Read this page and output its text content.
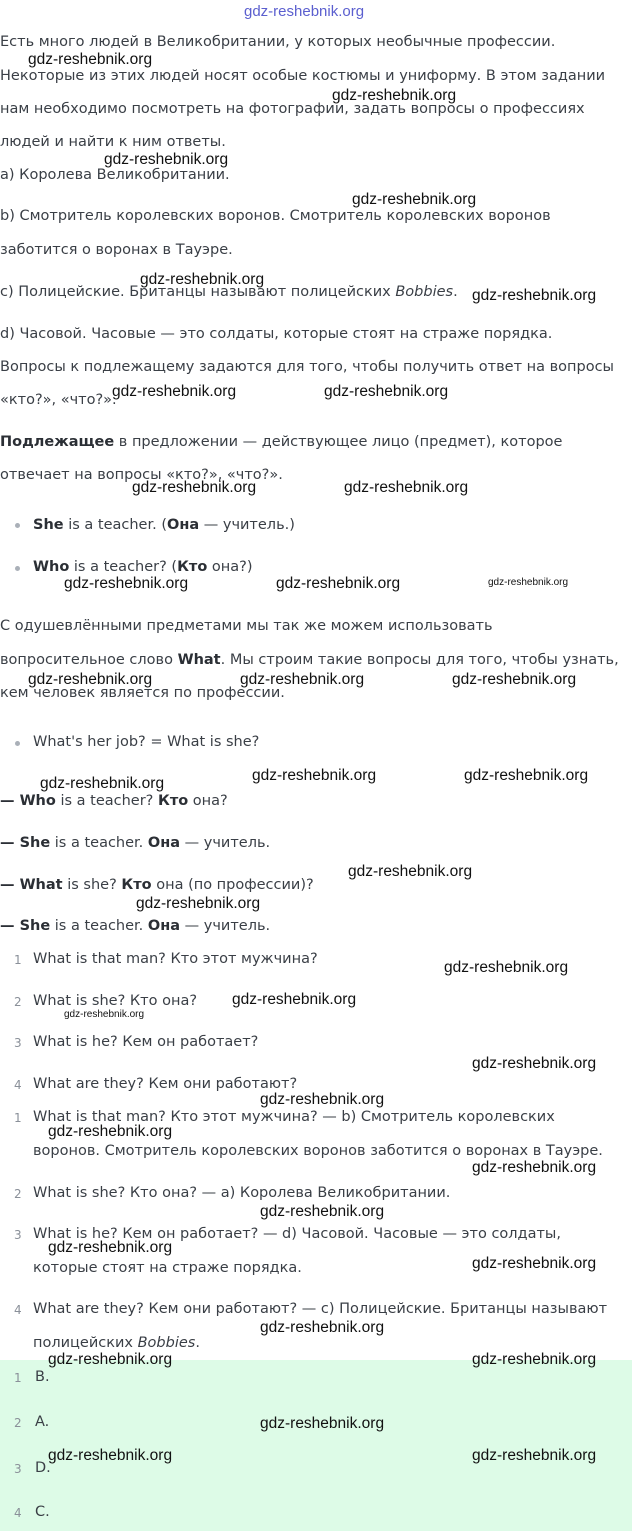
Есть много людей в Великобритании, у которых необычные профессии.

Некоторые из этих людей носят особые костюмы и униформу. В этом задании

нам необходимо посмотреть на фотографии, задать вопросы о профессиях

людей и найти к ним ответы.

a) Королева Великобритании.

b) Смотритель королевских воронов. Смотритель королевских воронов

заботится о воронах в Тауэре.

c) Полицейские. Британцы называют полицейских Bobbies.

d) Часовой. Часовые — это солдаты, которые стоят на страже порядка.

Вопросы к подлежащему задаются для того, чтобы получить ответ на вопросы

«кто?», «что?».

Подлежащее в предложении — действующее лицо (предмет), которое

отвечает на вопросы «кто?», «что?».

She is a teacher. (Она — учитель.)

Who is a teacher? (Кто она?)

С одушевлёнными предметами мы так же можем использовать

вопросительное слово What. Мы строим такие вопросы для того, чтобы узнать,

кем человек является по профессии.

What's her job? = What is she?

— Who is a teacher? Кто она?

— She is a teacher. Она — учитель.

— What is she? Кто она (по профессии)?

— She is a teacher. Она — учитель.

1 What is that man? Кто этот мужчина?

2 What is she? Кто она?

3 What is he? Кем он работает?

4 What are they? Кем они работают?

1 What is that man? Кто этот мужчина? — b) Смотритель королевских

воронов. Смотритель королевских воронов заботится о воронах в Тауэре.

2 What is she? Кто она? — a) Королева Великобритании.

3 What is he? Кем он работает? — d) Часовой. Часовые — это солдаты,

которые стоят на страже порядка.

4 What are they? Кем они работают? — c) Полицейские. Британцы называют

полицейских Bobbies.

1 B.

2 A.

3 D.

4 C.

gdz-reshebnik.org
gdz-reshebnik.org
gdz-reshebnik.org
gdz-reshebnik.org
gdz-reshebnik.org
gdz-reshebnik.org
gdz-reshebnik.org
gdz-reshebnik.org	gdz-reshebnik.org
gdz-reshebnik.org	gdz-reshebnik.org
gdz-reshebnik.org	gdz-reshebnik.org	gdz-reshebnik.org
gdz-reshebnik.org	gdz-reshebnik.org	gdz-reshebnik.org
gdz-reshebnik.org	gdz-reshebnik.org	gdz-reshebnik.org
gdz-reshebnik.org
gdz-reshebnik.org
gdz-reshebnik.org
gdz-reshebnik.org
gdz-reshebnik.org
gdz-reshebnik.org
gdz-reshebnik.org
gdz-reshebnik.org
gdz-reshebnik.org
gdz-reshebnik.org
gdz-reshebnik.org
gdz-reshebnik.org
gdz-reshebnik.org
gdz-reshebnik.org	gdz-reshebnik.org
gdz-reshebnik.org
gdz-reshebnik.org	gdz-reshebnik.org
